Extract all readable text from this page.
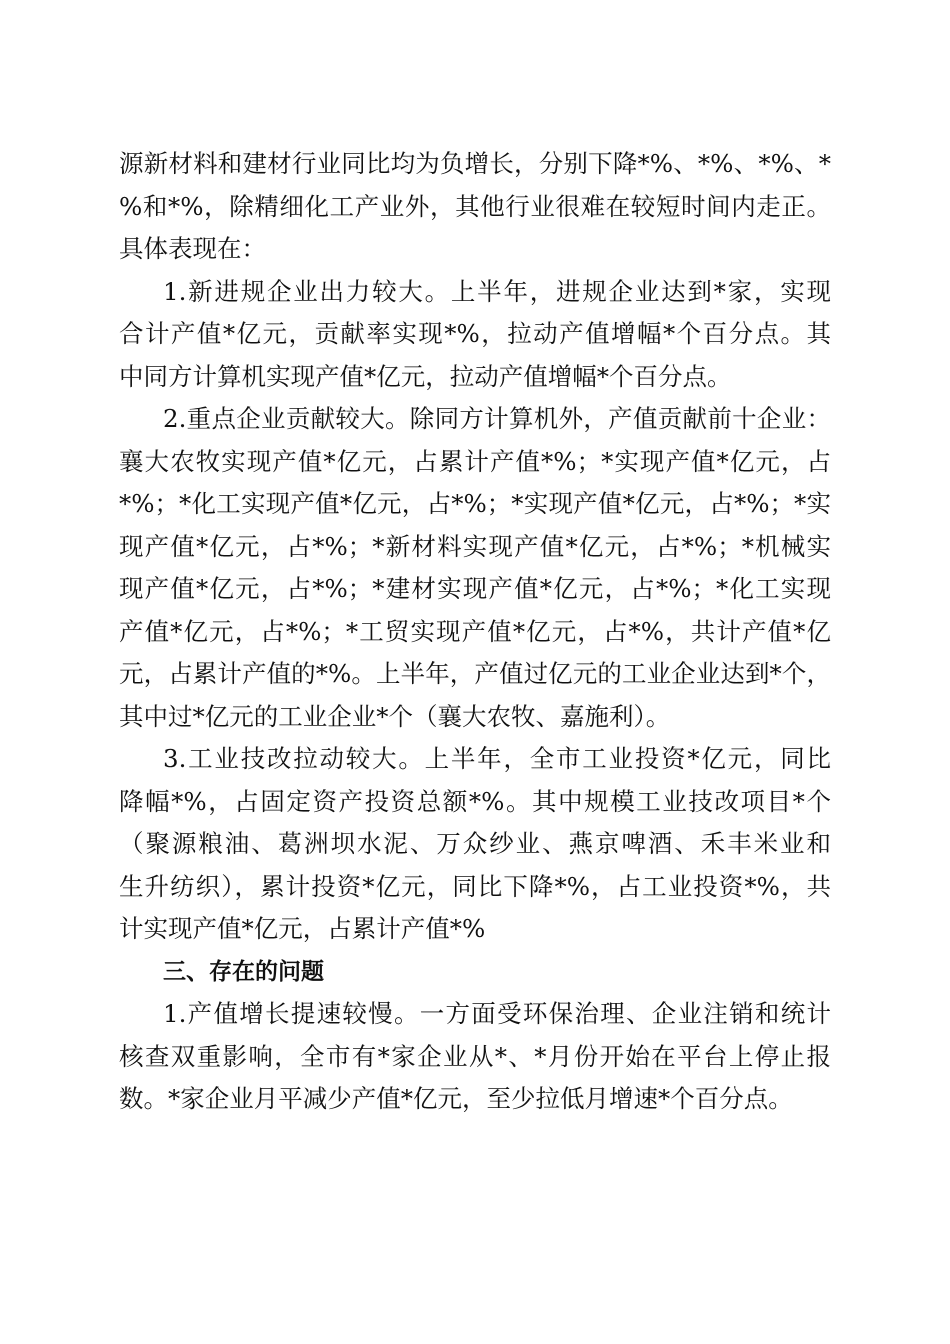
源新材料和建材行业同比均为负增长，分别下降*%、*%、*%、*
%和*%，除精细化工产业外，其他行业很难在较短时间内走正。
具体表现在：
1.新进规企业出力较大。上半年，进规企业达到*家，实现
合计产值*亿元，贡献率实现*%，拉动产值增幅*个百分点。其
中同方计算机实现产值*亿元，拉动产值增幅*个百分点。
2.重点企业贡献较大。除同方计算机外，产值贡献前十企业：
襄大农牧实现产值*亿元，占累计产值*%；*实现产值*亿元，占
*%；*化工实现产值*亿元，占*%；*实现产值*亿元，占*%；*实
现产值*亿元，占*%；*新材料实现产值*亿元，占*%；*机械实
现产值*亿元，占*%；*建材实现产值*亿元，占*%；*化工实现
产值*亿元，占*%；*工贸实现产值*亿元，占*%，共计产值*亿
元，占累计产值的*%。上半年，产值过亿元的工业企业达到*个，
其中过*亿元的工业企业*个（襄大农牧、嘉施利）。
3.工业技改拉动较大。上半年，全市工业投资*亿元，同比
降幅*%，占固定资产投资总额*%。其中规模工业技改项目*个
（聚源粮油、葛洲坝水泥、万众纱业、燕京啤酒、禾丰米业和
生升纺织），累计投资*亿元，同比下降*%，占工业投资*%，共
计实现产值*亿元，占累计产值*%
三、存在的问题
1.产值增长提速较慢。一方面受环保治理、企业注销和统计
核查双重影响，全市有*家企业从*、*月份开始在平台上停止报
数。*家企业月平减少产值*亿元，至少拉低月增速*个百分点。
